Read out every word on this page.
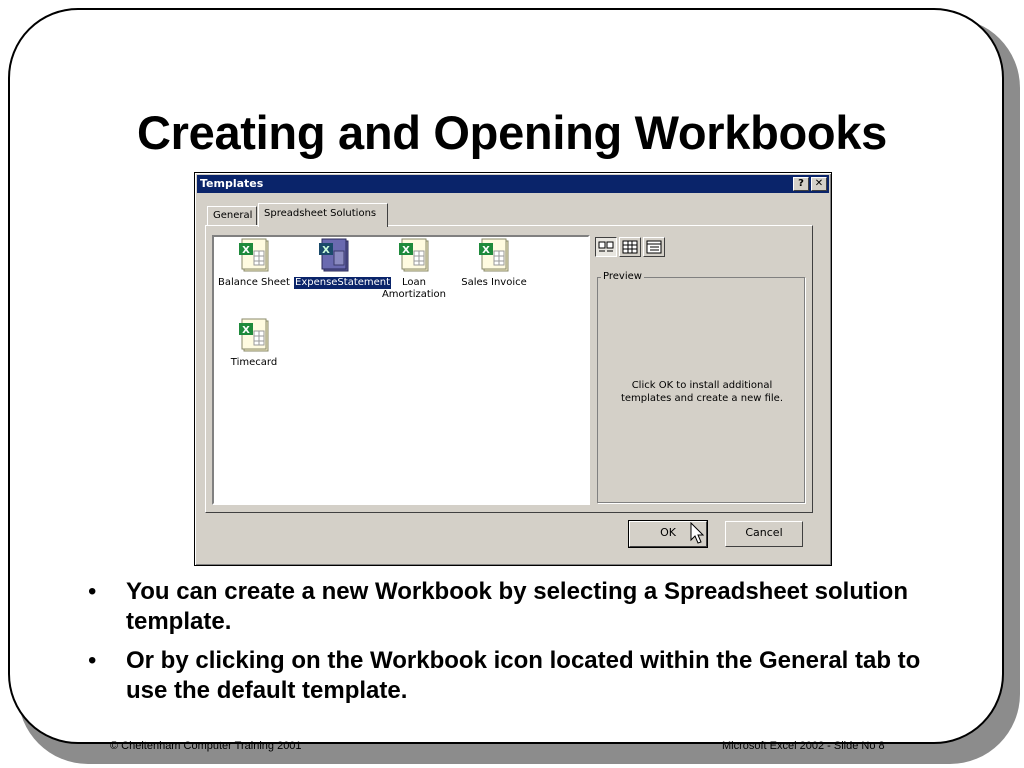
Creating and Opening Workbooks
Templates	?	✕
General	Spreadsheet Solutions
X
Balance Sheet
X
ExpenseStatement
X
Loan Amortization
X
Sales Invoice
X
Timecard
Preview
Click OK to install additional templates and create a new file.
OK	Cancel
• You can create a new Workbook by selecting a Spreadsheet solution template.
• Or by clicking on the Workbook icon located within the General tab to use the default template.
© Cheltenham Computer Training 2001	Microsoft Excel 2002 - Slide No 8
